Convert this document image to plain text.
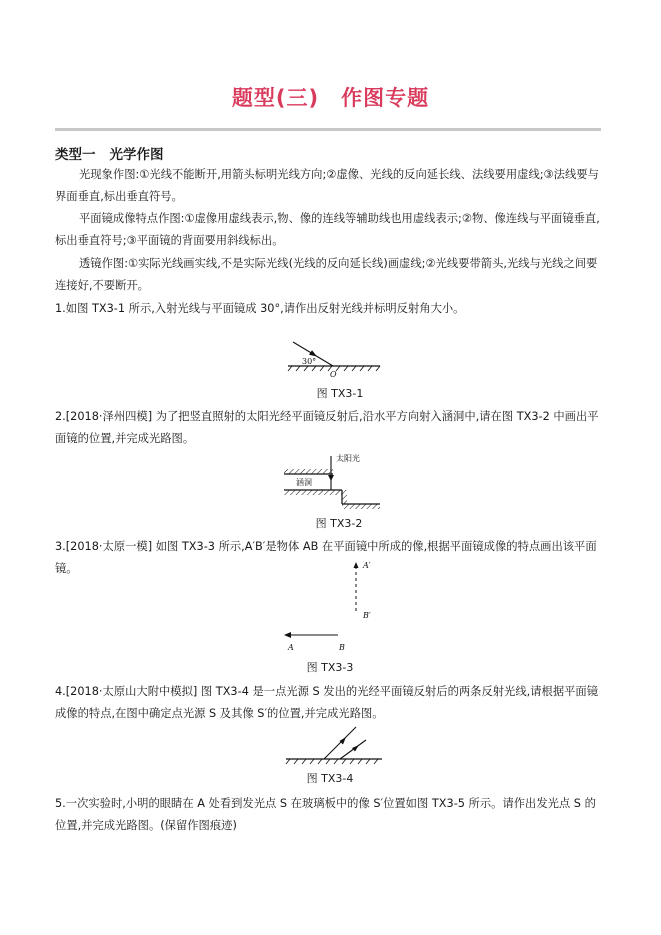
题型(三) 作图专题
类型一 光学作图
光现象作图:①光线不能断开,用箭头标明光线方向;②虚像、光线的反向延长线、法线要用虚线;③法线要与界面垂直,标出垂直符号。
平面镜成像特点作图:①虚像用虚线表示,物、像的连线等辅助线也用虚线表示;②物、像连线与平面镜垂直,标出垂直符号;③平面镜的背面要用斜线标出。
透镜作图:①实际光线画实线,不是实际光线(光线的反向延长线)画虚线;②光线要带箭头,光线与光线之间要连接好,不要断开。
1.如图 TX3-1 所示,入射光线与平面镜成 30°,请作出反射光线并标明反射角大小。
30°
O
图 TX3-1
2.[2018·泽州四模] 为了把竖直照射的太阳光经平面镜反射后,沿水平方向射入涵洞中,请在图 TX3-2 中画出平面镜的位置,并完成光路图。
太阳光
涵洞
图 TX3-2
3.[2018·太原一模] 如图 TX3-3 所示,A′B′是物体 AB 在平面镜中所成的像,根据平面镜成像的特点画出该平面镜。	A′
B′
A	B
图 TX3-3
4.[2018·太原山大附中模拟] 图 TX3-4 是一点光源 S 发出的光经平面镜反射后的两条反射光线,请根据平面镜成像的特点,在图中确定点光源 S 及其像 S′的位置,并完成光路图。
图 TX3-4
5.一次实验时,小明的眼睛在 A 处看到发光点 S 在玻璃板中的像 S′位置如图 TX3-5 所示。请作出发光点 S 的位置,并完成光路图。(保留作图痕迹)
